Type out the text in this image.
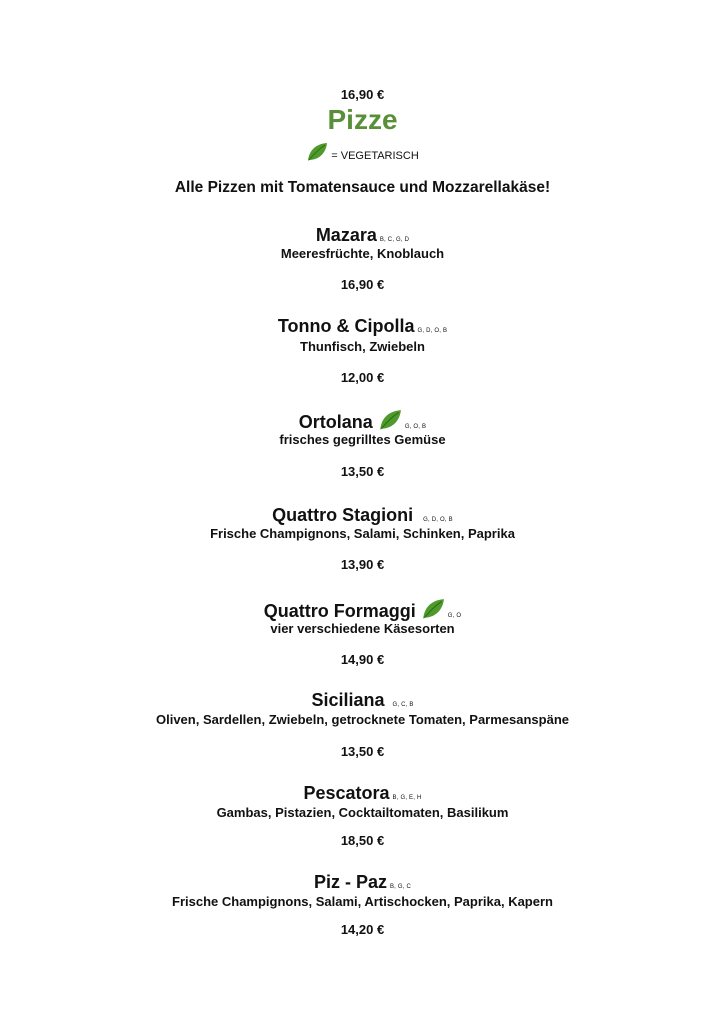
16,90 €
Pizze
= VEGETARISCH
Alle Pizzen mit Tomatensauce und Mozzarellakäse!
Mazara B, C, G, D
Meeresfrüchte, Knoblauch
16,90 €
Tonno & Cipolla G, D, O, B
Thunfisch, Zwiebeln
12,00 €
Ortolana	G, O, B
frisches gegrilltes Gemüse
13,50 €
Quattro Stagioni G, D, O, B
Frische Champignons, Salami, Schinken, Paprika
13,90 €
Quattro Formaggi	G, O
vier verschiedene Käsesorten
14,90 €
Siciliana G, C, B
Oliven, Sardellen, Zwiebeln, getrocknete Tomaten, Parmesanspäne
13,50 €
Pescatora B, G, E, H
Gambas, Pistazien, Cocktailtomaten, Basilikum
18,50 €
Piz - Paz B, G, C
Frische Champignons, Salami, Artischocken, Paprika, Kapern
14,20 €
